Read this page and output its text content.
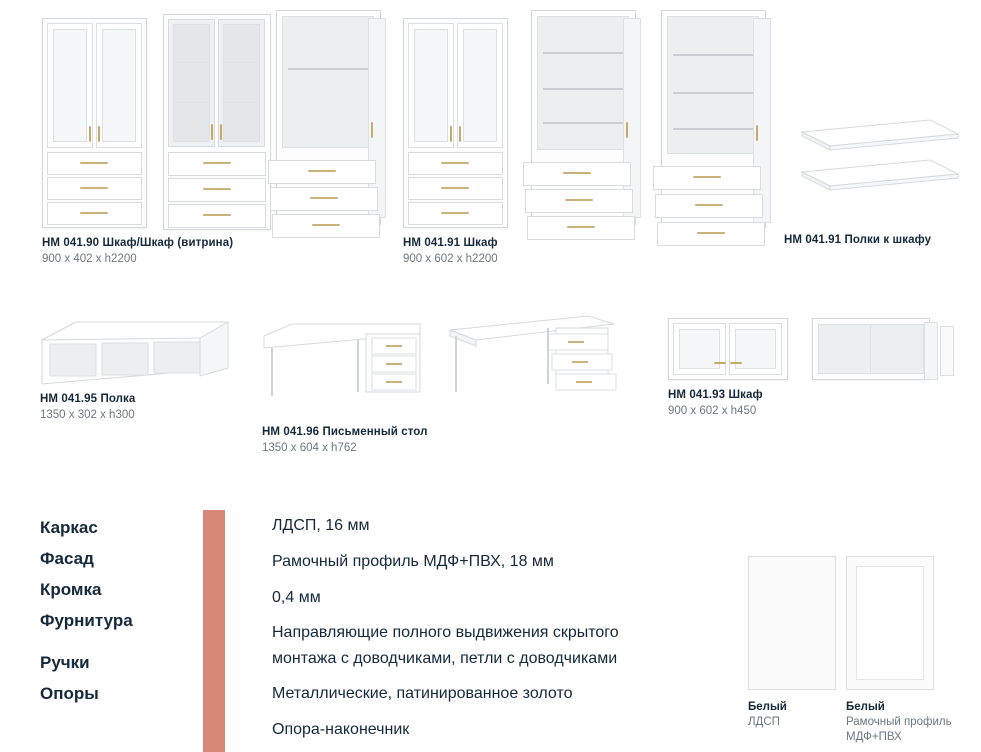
НМ 041.90 Шкаф/Шкаф (витрина)
900 x 402 x h2200
НМ 041.91 Шкаф
900 x 602 x h2200
НМ 041.91 Полки к шкафу
НМ 041.95 Полка
1350 x 302 x h300
НМ 041.96 Письменный стол
1350 x 604 x h762
НМ 041.93 Шкаф
900 x 602 x h450
Каркас
Фасад
Кромка
Фурнитура
Ручки
Опоры

ЛДСП, 16 мм

Рамочный профиль МДФ+ПВХ, 18 мм

0,4 мм

Направляющие полного выдвижения скрытого

монтажа с доводчиками, петли с доводчиками

Металлические, патинированное золото

Опора-наконечник

Белый
ЛДСП
Белый
Рамочный профиль
МДФ+ПВХ
